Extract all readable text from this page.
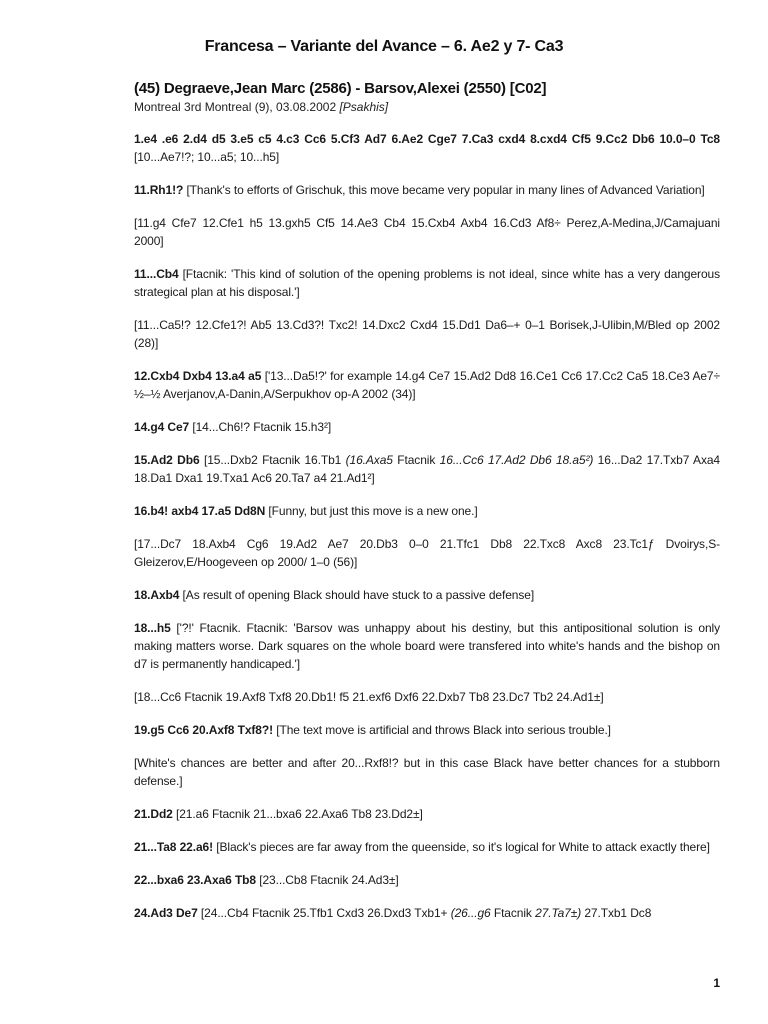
Francesa – Variante del Avance – 6. Ae2 y 7- Ca3

(45) Degraeve,Jean Marc (2586) - Barsov,Alexei (2550) [C02]

Montreal 3rd Montreal (9), 03.08.2002 [Psakhis]

1.e4 .e6 2.d4 d5 3.e5 c5 4.c3 Cc6 5.Cf3 Ad7 6.Ae2 Cge7 7.Ca3 cxd4 8.cxd4 Cf5 9.Cc2 Db6 10.0–0 Tc8 [10...Ae7!?; 10...a5; 10...h5]

11.Rh1!? [Thank's to efforts of Grischuk, this move became very popular in many lines of Advanced Variation]

[11.g4 Cfe7 12.Cfe1 h5 13.gxh5 Cf5 14.Ae3 Cb4 15.Cxb4 Axb4 16.Cd3 Af8÷ Perez,A-Medina,J/Camajuani 2000]

11...Cb4 [Ftacnik: 'This kind of solution of the opening problems is not ideal, since white has a very dangerous strategical plan at his disposal.']

[11...Ca5!? 12.Cfe1?! Ab5 13.Cd3?! Txc2! 14.Dxc2 Cxd4 15.Dd1 Da6–+ 0–1 Borisek,J-Ulibin,M/Bled op 2002 (28)]

12.Cxb4 Dxb4 13.a4 a5 ['13...Da5!?' for example 14.g4 Ce7 15.Ad2 Dd8 16.Ce1 Cc6 17.Cc2 Ca5 18.Ce3 Ae7÷ ½–½ Averjanov,A-Danin,A/Serpukhov op-A 2002 (34)]

14.g4 Ce7 [14...Ch6!? Ftacnik 15.h3²]

15.Ad2 Db6 [15...Dxb2 Ftacnik 16.Tb1 (16.Axa5 Ftacnik 16...Cc6 17.Ad2 Db6 18.a5²) 16...Da2 17.Txb7 Axa4 18.Da1 Dxa1 19.Txa1 Ac6 20.Ta7 a4 21.Ad1²]

16.b4! axb4 17.a5 Dd8N [Funny, but just this move is a new one.]

[17...Dc7 18.Axb4 Cg6 19.Ad2 Ae7 20.Db3 0–0 21.Tfc1 Db8 22.Txc8 Axc8 23.Tc1ƒ Dvoirys,S-Gleizerov,E/Hoogeveen op 2000/ 1–0 (56)]

18.Axb4 [As result of opening Black should have stuck to a passive defense]

18...h5 ['?!' Ftacnik. Ftacnik: 'Barsov was unhappy about his destiny, but this antipositional solution is only making matters worse. Dark squares on the whole board were transfered into white's hands and the bishop on d7 is permanently handicaped.']

[18...Cc6 Ftacnik 19.Axf8 Txf8 20.Db1! f5 21.exf6 Dxf6 22.Dxb7 Tb8 23.Dc7 Tb2 24.Ad1±]

19.g5 Cc6 20.Axf8 Txf8?! [The text move is artificial and throws Black into serious trouble.]

[White's chances are better and after 20...Rxf8!? but in this case Black have better chances for a stubborn defense.]

21.Dd2 [21.a6 Ftacnik 21...bxa6 22.Axa6 Tb8 23.Dd2±]

21...Ta8 22.a6! [Black's pieces are far away from the queenside, so it's logical for White to attack exactly there]

22...bxa6 23.Axa6 Tb8 [23...Cb8 Ftacnik 24.Ad3±]

24.Ad3 De7 [24...Cb4 Ftacnik 25.Tfb1 Cxd3 26.Dxd3 Txb1+ (26...g6 Ftacnik 27.Ta7±) 27.Txb1 Dc8

1
